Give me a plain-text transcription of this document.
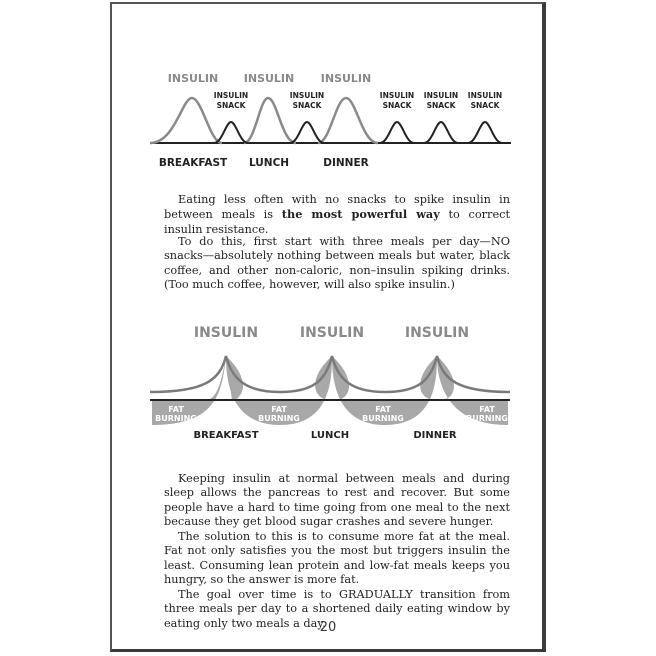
INSULIN INSULIN INSULIN
INSULIN
SNACK
INSULIN
SNACK
INSULIN
SNACK
INSULIN
SNACK
INSULIN
SNACK
BREAKFAST LUNCH	DINNER

Eating less often with no snacks to spike insulin in between meals is the most powerful way to correct insulin resistance.

To do this, first start with three meals per day—NO snacks—absolutely nothing between meals but water, black coffee, and other non-caloric, non–insulin spiking drinks. (Too much coffee, however, will also spike insulin.)

INSULIN	INSULIN	INSULIN
FAT
BURNING
FAT
BURNING
FAT
BURNING
FAT
BURNING
BREAKFAST	LUNCH	DINNER

Keeping insulin at normal between meals and during sleep allows the pancreas to rest and recover. But some people have a hard to time going from one meal to the next because they get blood sugar crashes and severe hunger.

The solution to this is to consume more fat at the meal. Fat not only satisfies you the most but triggers insulin the least. Consuming lean protein and low-fat meals keeps you hungry, so the answer is more fat.

The goal over time is to GRADUALLY transition from three meals per day to a shortened daily eating window by eating only two meals a day.

20
